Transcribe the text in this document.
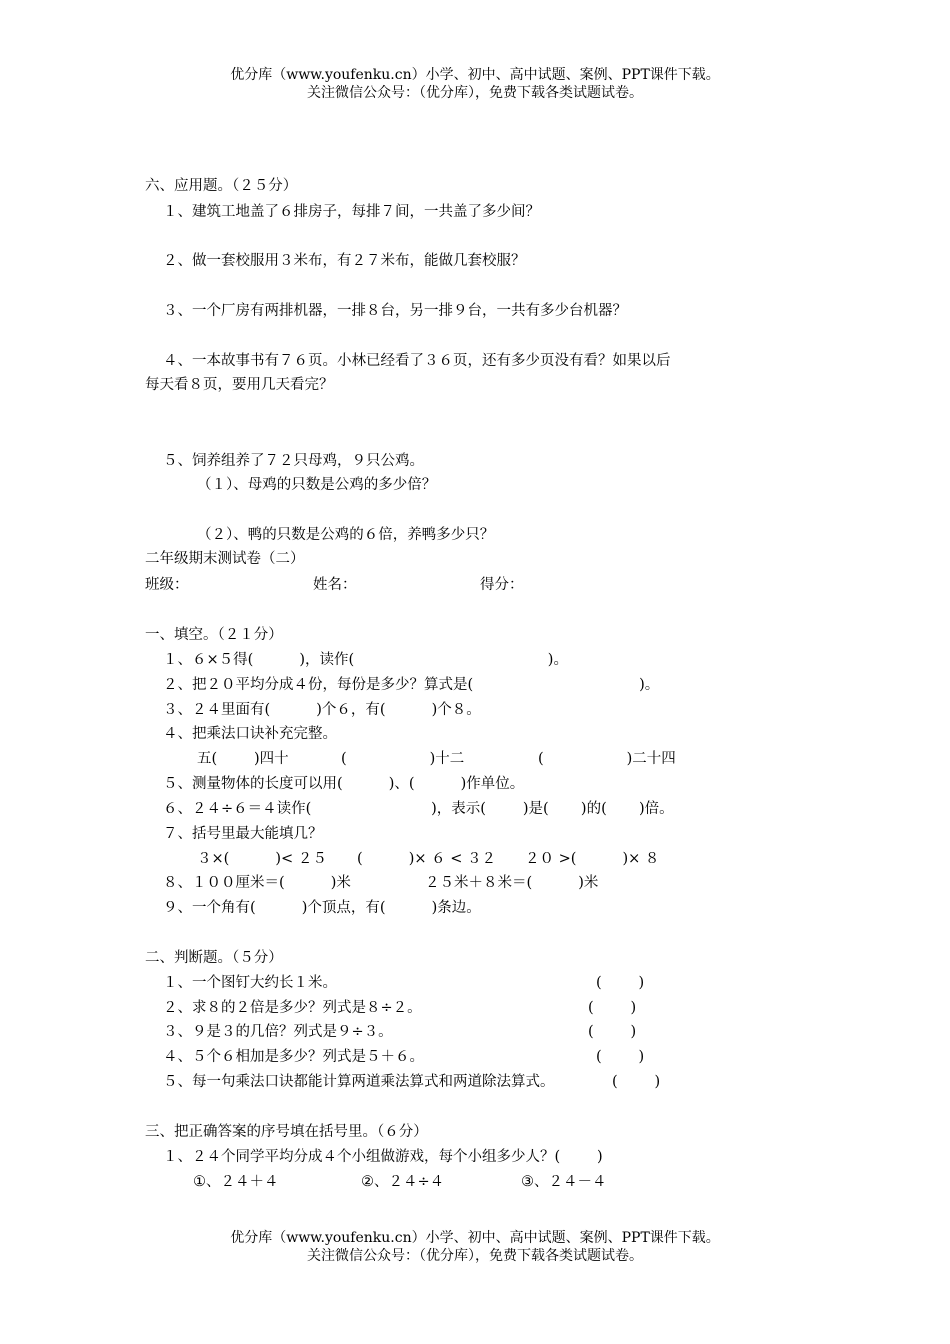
优分库（www.youfenku.cn）小学、初中、高中试题、案例、PPT课件下载。
关注微信公众号：（优分库），免费下载各类试题试卷。
六、应用题。（２５分）
１、建筑工地盖了６排房子，每排７间，一共盖了多少间？
２、做一套校服用３米布，有２７米布，能做几套校服？
３、一个厂房有两排机器，一排８台，另一排９台，一共有多少台机器？
４、一本故事书有７６页。小林已经看了３６页，还有多少页没有看？如果以后
每天看８页，要用几天看完？
５、饲养组养了７２只母鸡，９只公鸡。
（１）、母鸡的只数是公鸡的多少倍？
（２）、鸭的只数是公鸡的６倍，养鸭多少只？
二年级期末测试卷（二）
班级：	姓名：	得分：
一、填空。（２１分）
１、６×５得(          )，读作(                                          )。
２、把２０平均分成４份，每份是多少？算式是(                                    )。
３、２４里面有(          )个６，有(          )个８。
４、把乘法口诀补充完整。
五(        )四十	(                  )十二	(                  )二十四
５、测量物体的长度可以用(          )、(          )作单位。
６、２４÷６＝４读作(                          )，表示(        )是(       )的(       )倍。
７、括号里最大能填几？
３×(          )< ２５ (          )× ６ < ３２ ２０ >(          )× ８
８、１００厘米＝(          )米	２５米＋８米＝(          )米
９、一个角有(          )个顶点，有(          )条边。
二、判断题。（５分）
１、一个图钉大约长１米。	(        )
２、求８的２倍是多少？列式是８÷２。	(        )
３、９是３的几倍？列式是９÷３。	(        )
４、５个６相加是多少？列式是５＋６。	(        )
５、每一句乘法口诀都能计算两道乘法算式和两道除法算式。	(        )
三、把正确答案的序号填在括号里。（６分）
１、２４个同学平均分成４个小组做游戏，每个小组多少人？(        )
①、２４＋４	②、２４÷４	③、２４－４
优分库（www.youfenku.cn）小学、初中、高中试题、案例、PPT课件下载。
关注微信公众号：（优分库），免费下载各类试题试卷。
